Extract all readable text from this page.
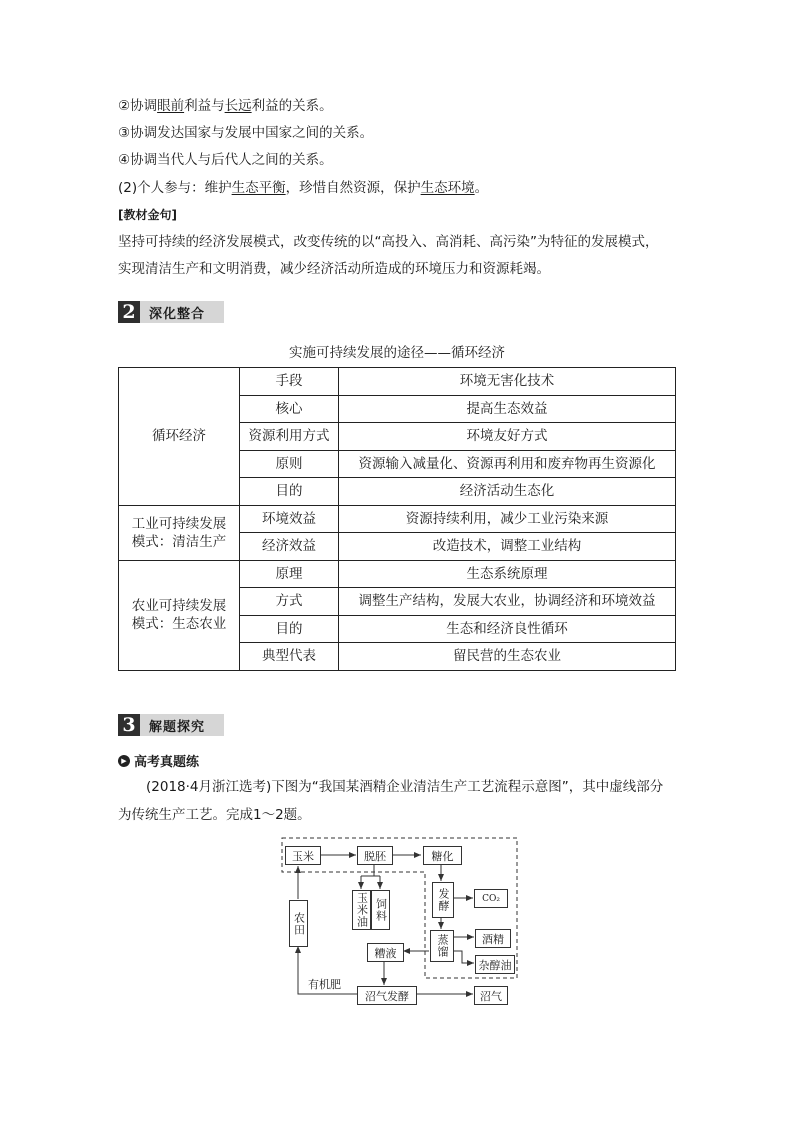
②协调眼前利益与长远利益的关系。
③协调发达国家与发展中国家之间的关系。
④协调当代人与后代人之间的关系。
(2)个人参与：维护生态平衡，珍惜自然资源，保护生态环境。
[教材金句]
坚持可持续的经济发展模式，改变传统的以“高投入、高消耗、高污染”为特征的发展模式，
实现清洁生产和文明消费，减少经济活动所造成的环境压力和资源耗竭。
2	深化整合
实施可持续发展的途径——循环经济
循环经济	手段	环境无害化技术
	核心	提高生态效益
	资源利用方式	环境友好方式
	原则	资源输入减量化、资源再利用和废弃物再生资源化
	目的	经济活动生态化
工业可持续发展
模式：清洁生产	环境效益	资源持续利用，减少工业污染来源
	经济效益	改造技术，调整工业结构
农业可持续发展
模式：生态农业	原理	生态系统原理
	方式	调整生产结构，发展大农业，协调经济和环境效益
	目的	生态和经济良性循环
	典型代表	留民营的生态农业
3	解题探究
▶ 高考真题练
(2018·4月浙江选考)下图为“我国某酒精企业清洁生产工艺流程示意图”，其中虚线部分
为传统生产工艺。完成1～2题。
有机肥
玉米	脱胚	糖化
玉米油 饲料	发酵	CO₂
农田
蒸馏	酒精
杂醇油
糟液
沼气发酵	沼气
